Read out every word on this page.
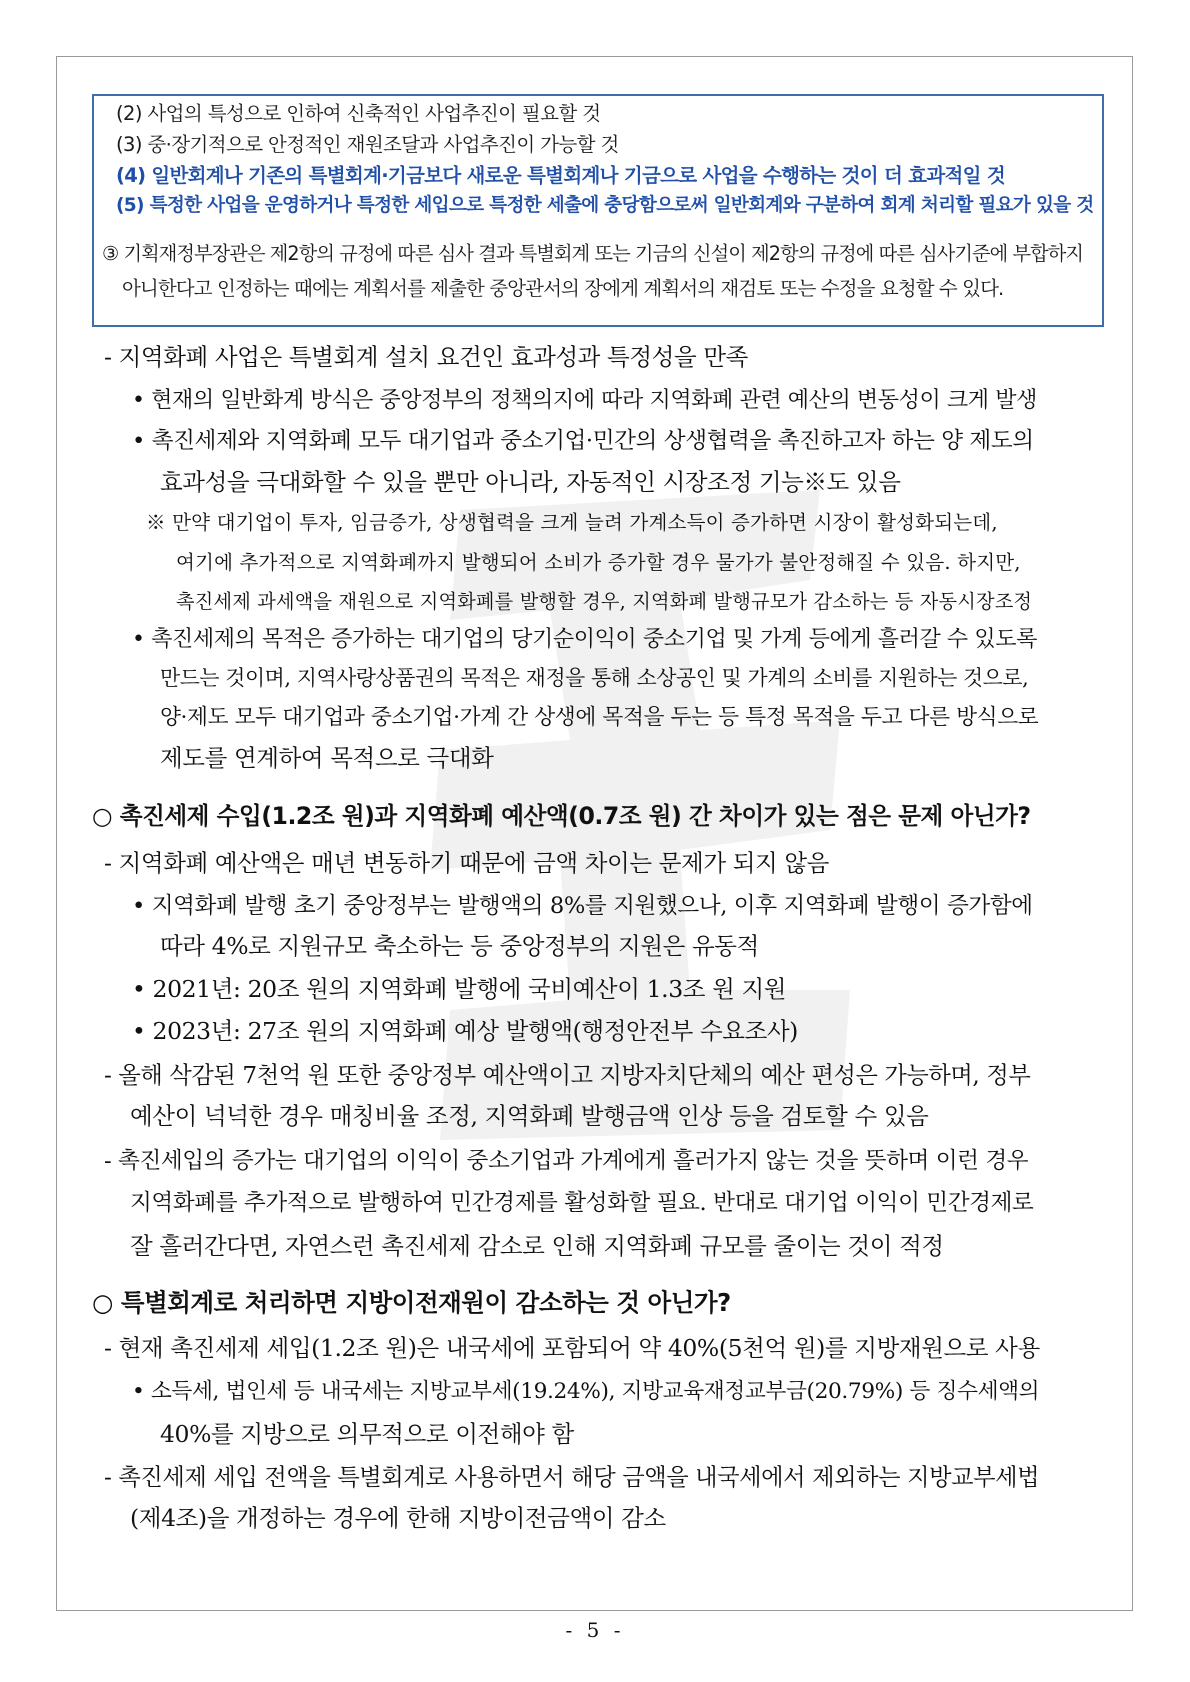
(2) 사업의 특성으로 인하여 신축적인 사업추진이 필요할 것
(3) 중·장기적으로 안정적인 재원조달과 사업추진이 가능할 것
(4) 일반회계나 기존의 특별회계·기금보다 새로운 특별회계나 기금으로 사업을 수행하는 것이 더 효과적일 것
(5) 특정한 사업을 운영하거나 특정한 세입으로 특정한 세출에 충당함으로써 일반회계와 구분하여 회계 처리할 필요가 있을 것
③ 기획재정부장관은 제2항의 규정에 따른 심사 결과 특별회계 또는 기금의 신설이 제2항의 규정에 따른 심사기준에 부합하지
아니한다고 인정하는 때에는 계획서를 제출한 중앙관서의 장에게 계획서의 재검토 또는 수정을 요청할 수 있다.
- 지역화폐 사업은 특별회계 설치 요건인 효과성과 특정성을 만족
• 현재의 일반화계 방식은 중앙정부의 정책의지에 따라 지역화폐 관련 예산의 변동성이 크게 발생
• 촉진세제와 지역화폐 모두 대기업과 중소기업·민간의 상생협력을 촉진하고자 하는 양 제도의
효과성을 극대화할 수 있을 뿐만 아니라, 자동적인 시장조정 기능※도 있음
※ 만약 대기업이 투자, 임금증가, 상생협력을 크게 늘려 가계소득이 증가하면 시장이 활성화되는데,
여기에 추가적으로 지역화폐까지 발행되어 소비가 증가할 경우 물가가 불안정해질 수 있음. 하지만,
촉진세제 과세액을 재원으로 지역화폐를 발행할 경우, 지역화폐 발행규모가 감소하는 등 자동시장조정
• 촉진세제의 목적은 증가하는 대기업의 당기순이익이 중소기업 및 가계 등에게 흘러갈 수 있도록
만드는 것이며, 지역사랑상품권의 목적은 재정을 통해 소상공인 및 가계의 소비를 지원하는 것으로,
양·제도 모두 대기업과 중소기업·가계 간 상생에 목적을 두는 등 특정 목적을 두고 다른 방식으로
제도를 연계하여 목적으로 극대화
○ 촉진세제 수입(1.2조 원)과 지역화폐 예산액(0.7조 원) 간 차이가 있는 점은 문제 아닌가?
- 지역화폐 예산액은 매년 변동하기 때문에 금액 차이는 문제가 되지 않음
• 지역화폐 발행 초기 중앙정부는 발행액의 8%를 지원했으나, 이후 지역화폐 발행이 증가함에
따라 4%로 지원규모 축소하는 등 중앙정부의 지원은 유동적
• 2021년: 20조 원의 지역화폐 발행에 국비예산이 1.3조 원 지원
• 2023년: 27조 원의 지역화폐 예상 발행액(행정안전부 수요조사)
- 올해 삭감된 7천억 원 또한 중앙정부 예산액이고 지방자치단체의 예산 편성은 가능하며, 정부
예산이 넉넉한 경우 매칭비율 조정, 지역화폐 발행금액 인상 등을 검토할 수 있음
- 촉진세입의 증가는 대기업의 이익이 중소기업과 가계에게 흘러가지 않는 것을 뜻하며 이런 경우
지역화폐를 추가적으로 발행하여 민간경제를 활성화할 필요. 반대로 대기업 이익이 민간경제로
잘 흘러간다면, 자연스런 촉진세제 감소로 인해 지역화폐 규모를 줄이는 것이 적정
○ 특별회계로 처리하면 지방이전재원이 감소하는 것 아닌가?
- 현재 촉진세제 세입(1.2조 원)은 내국세에 포함되어 약 40%(5천억 원)를 지방재원으로 사용
• 소득세, 법인세 등 내국세는 지방교부세(19.24%), 지방교육재정교부금(20.79%) 등 징수세액의
40%를 지방으로 의무적으로 이전해야 함
- 촉진세제 세입 전액을 특별회계로 사용하면서 해당 금액을 내국세에서 제외하는 지방교부세법
(제4조)을 개정하는 경우에 한해 지방이전금액이 감소
- 5 -
